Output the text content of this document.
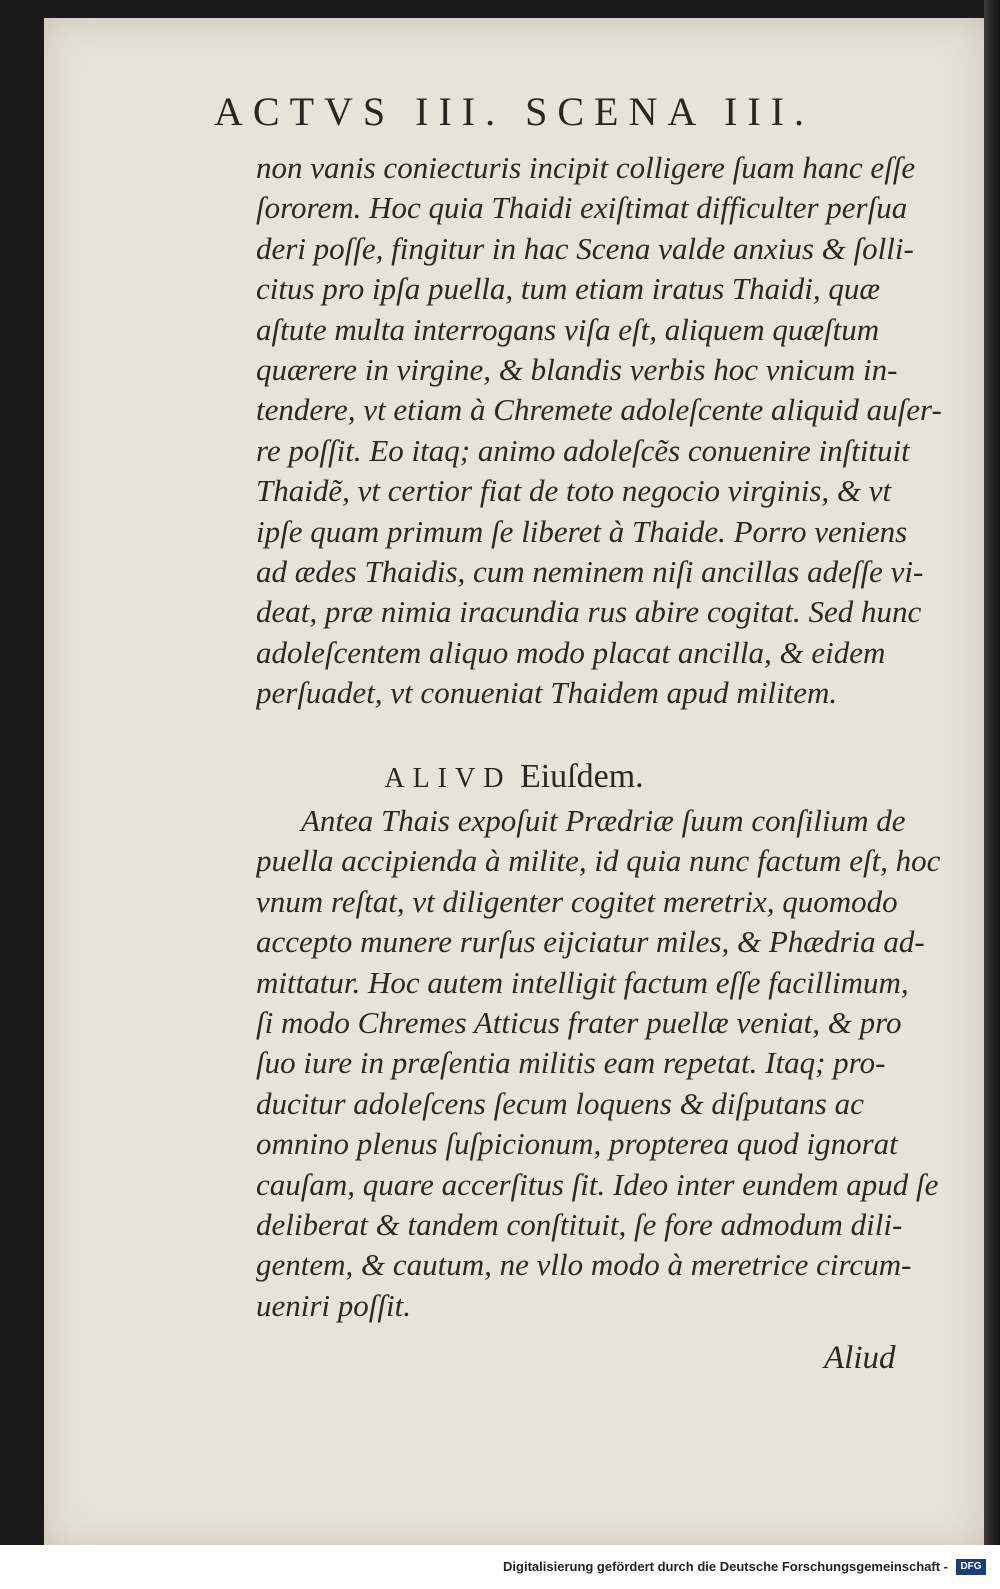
ACTVS III. SCENA III.
non vanis coniecturis incipit colligere ſuam hanc eſſe
ſororem. Hoc quia Thaidi exiſtimat difficulter perſua
deri poſſe, fingitur in hac Scena valde anxius & ſolli-
citus pro ipſa puella, tum etiam iratus Thaidi, quæ
aſtute multa interrogans viſa eſt, aliquem quæſtum
quærere in virgine, & blandis verbis hoc vnicum in-
tendere, vt etiam à Chremete adoleſcente aliquid auſer-
re poſſit. Eo itaq; animo adoleſcẽs conuenire inſtituit
Thaidẽ, vt certior fiat de toto negocio virginis, & vt
ipſe quam primum ſe liberet à Thaide. Porro veniens
ad ædes Thaidis, cum neminem niſi ancillas adeſſe vi-
deat, præ nimia iracundia rus abire cogitat. Sed hunc
adoleſcentem aliquo modo placat ancilla, & eidem
perſuadet, vt conueniat Thaidem apud militem.
ALIVD Eiuſdem.
Antea Thais expoſuit Prædriæ ſuum conſilium de
puella accipienda à milite, id quia nunc factum eſt, hoc
vnum reſtat, vt diligenter cogitet meretrix, quomodo
accepto munere rurſus eijciatur miles, & Phædria ad-
mittatur. Hoc autem intelligit factum eſſe facillimum,
ſi modo Chremes Atticus frater puellæ veniat, & pro
ſuo iure in præſentia militis eam repetat. Itaq; pro-
ducitur adoleſcens ſecum loquens & diſputans ac
omnino plenus ſuſpicionum, propterea quod ignorat
cauſam, quare accerſitus ſit. Ideo inter eundem apud ſe
deliberat & tandem conſtituit, ſe fore admodum dili-
gentem, & cautum, ne vllo modo à meretrice circum-
ueniri poſſit.
Aliud
Digitalisierung gefördert durch die Deutsche Forschungsgemeinschaft -	DFG
